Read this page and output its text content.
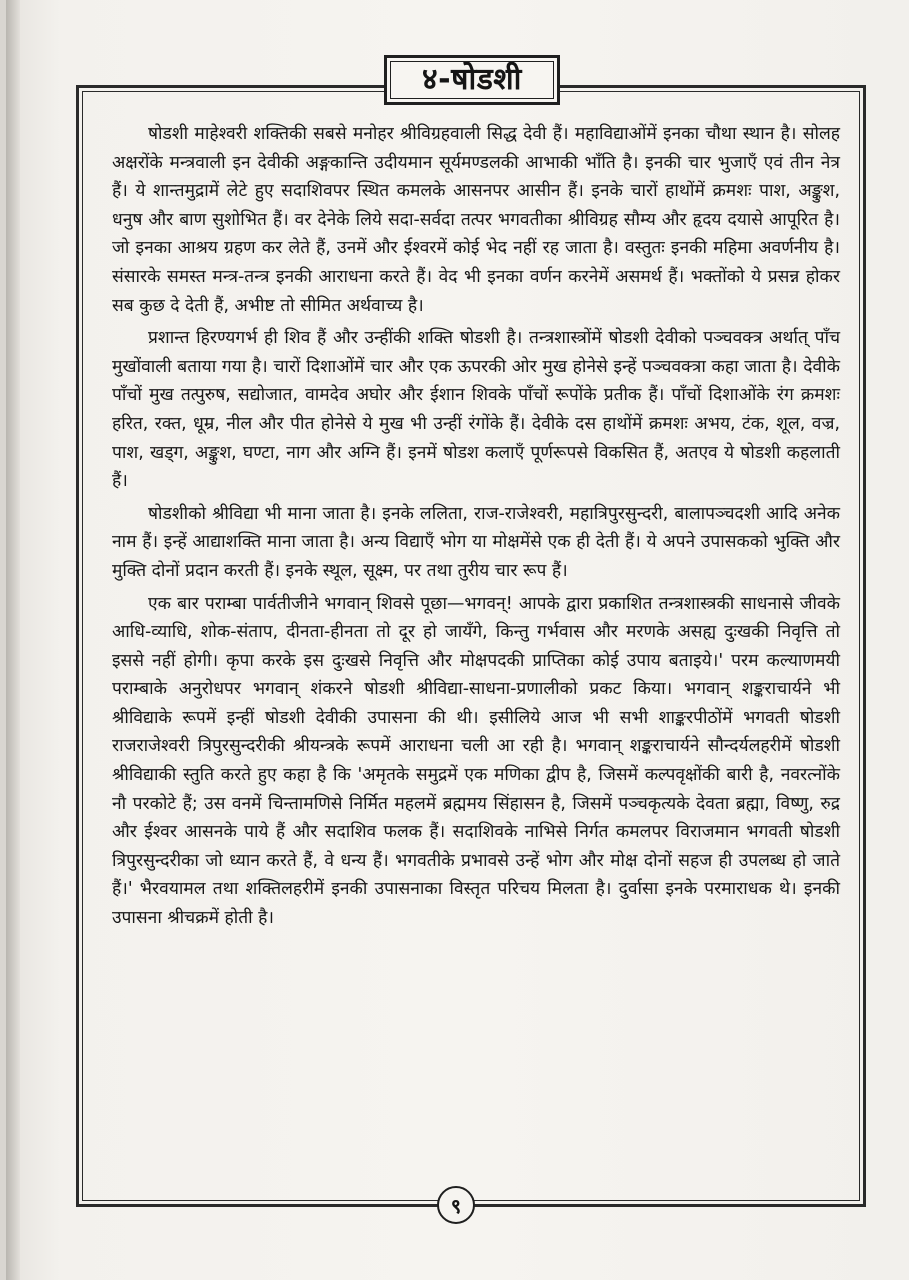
४-षोडशी

षोडशी माहेश्वरी शक्तिकी सबसे मनोहर श्रीविग्रहवाली सिद्ध देवी हैं। महाविद्याओंमें इनका चौथा स्थान है। सोलह अक्षरोंके मन्त्रवाली इन देवीकी अङ्गकान्ति उदीयमान सूर्यमण्डलकी आभाकी भाँति है। इनकी चार भुजाएँ एवं तीन नेत्र हैं। ये शान्तमुद्रामें लेटे हुए सदाशिवपर स्थित कमलके आसनपर आसीन हैं। इनके चारों हाथोंमें क्रमशः पाश, अङ्कुश, धनुष और बाण सुशोभित हैं। वर देनेके लिये सदा-सर्वदा तत्पर भगवतीका श्रीविग्रह सौम्य और हृदय दयासे आपूरित है। जो इनका आश्रय ग्रहण कर लेते हैं, उनमें और ईश्वरमें कोई भेद नहीं रह जाता है। वस्तुतः इनकी महिमा अवर्णनीय है। संसारके समस्त मन्त्र-तन्त्र इनकी आराधना करते हैं। वेद भी इनका वर्णन करनेमें असमर्थ हैं। भक्तोंको ये प्रसन्न होकर सब कुछ दे देती हैं, अभीष्ट तो सीमित अर्थवाच्य है।

प्रशान्त हिरण्यगर्भ ही शिव हैं और उन्हींकी शक्ति षोडशी है। तन्त्रशास्त्रोंमें षोडशी देवीको पञ्चवक्त्र अर्थात् पाँच मुखोंवाली बताया गया है। चारों दिशाओंमें चार और एक ऊपरकी ओर मुख होनेसे इन्हें पञ्चवक्त्रा कहा जाता है। देवीके पाँचों मुख तत्पुरुष, सद्योजात, वामदेव अघोर और ईशान शिवके पाँचों रूपोंके प्रतीक हैं। पाँचों दिशाओंके रंग क्रमशः हरित, रक्त, धूम्र, नील और पीत होनेसे ये मुख भी उन्हीं रंगोंके हैं। देवीके दस हाथोंमें क्रमशः अभय, टंक, शूल, वज्र, पाश, खड्ग, अङ्कुश, घण्टा, नाग और अग्नि हैं। इनमें षोडश कलाएँ पूर्णरूपसे विकसित हैं, अतएव ये षोडशी कहलाती हैं।

षोडशीको श्रीविद्या भी माना जाता है। इनके ललिता, राज-राजेश्वरी, महात्रिपुरसुन्दरी, बालापञ्चदशी आदि अनेक नाम हैं। इन्हें आद्याशक्ति माना जाता है। अन्य विद्याएँ भोग या मोक्षमेंसे एक ही देती हैं। ये अपने उपासकको भुक्ति और मुक्ति दोनों प्रदान करती हैं। इनके स्थूल, सूक्ष्म, पर तथा तुरीय चार रूप हैं।

एक बार पराम्बा पार्वतीजीने भगवान् शिवसे पूछा—भगवन्! आपके द्वारा प्रकाशित तन्त्रशास्त्रकी साधनासे जीवके आधि-व्याधि, शोक-संताप, दीनता-हीनता तो दूर हो जायँगे, किन्तु गर्भवास और मरणके असह्य दुःखकी निवृत्ति तो इससे नहीं होगी। कृपा करके इस दुःखसे निवृत्ति और मोक्षपदकी प्राप्तिका कोई उपाय बताइये।' परम कल्याणमयी पराम्बाके अनुरोधपर भगवान् शंकरने षोडशी श्रीविद्या-साधना-प्रणालीको प्रकट किया। भगवान् शङ्कराचार्यने भी श्रीविद्याके रूपमें इन्हीं षोडशी देवीकी उपासना की थी। इसीलिये आज भी सभी शाङ्करपीठोंमें भगवती षोडशी राजराजेश्वरी त्रिपुरसुन्दरीकी श्रीयन्त्रके रूपमें आराधना चली आ रही है। भगवान् शङ्कराचार्यने सौन्दर्यलहरीमें षोडशी श्रीविद्याकी स्तुति करते हुए कहा है कि 'अमृतके समुद्रमें एक मणिका द्वीप है, जिसमें कल्पवृक्षोंकी बारी है, नवरत्नोंके नौ परकोटे हैं; उस वनमें चिन्तामणिसे निर्मित महलमें ब्रह्ममय सिंहासन है, जिसमें पञ्चकृत्यके देवता ब्रह्मा, विष्णु, रुद्र और ईश्वर आसनके पाये हैं और सदाशिव फलक हैं। सदाशिवके नाभिसे निर्गत कमलपर विराजमान भगवती षोडशी त्रिपुरसुन्दरीका जो ध्यान करते हैं, वे धन्य हैं। भगवतीके प्रभावसे उन्हें भोग और मोक्ष दोनों सहज ही उपलब्ध हो जाते हैं।' भैरवयामल तथा शक्तिलहरीमें इनकी उपासनाका विस्तृत परिचय मिलता है। दुर्वासा इनके परमाराधक थे। इनकी उपासना श्रीचक्रमें होती है।

९
